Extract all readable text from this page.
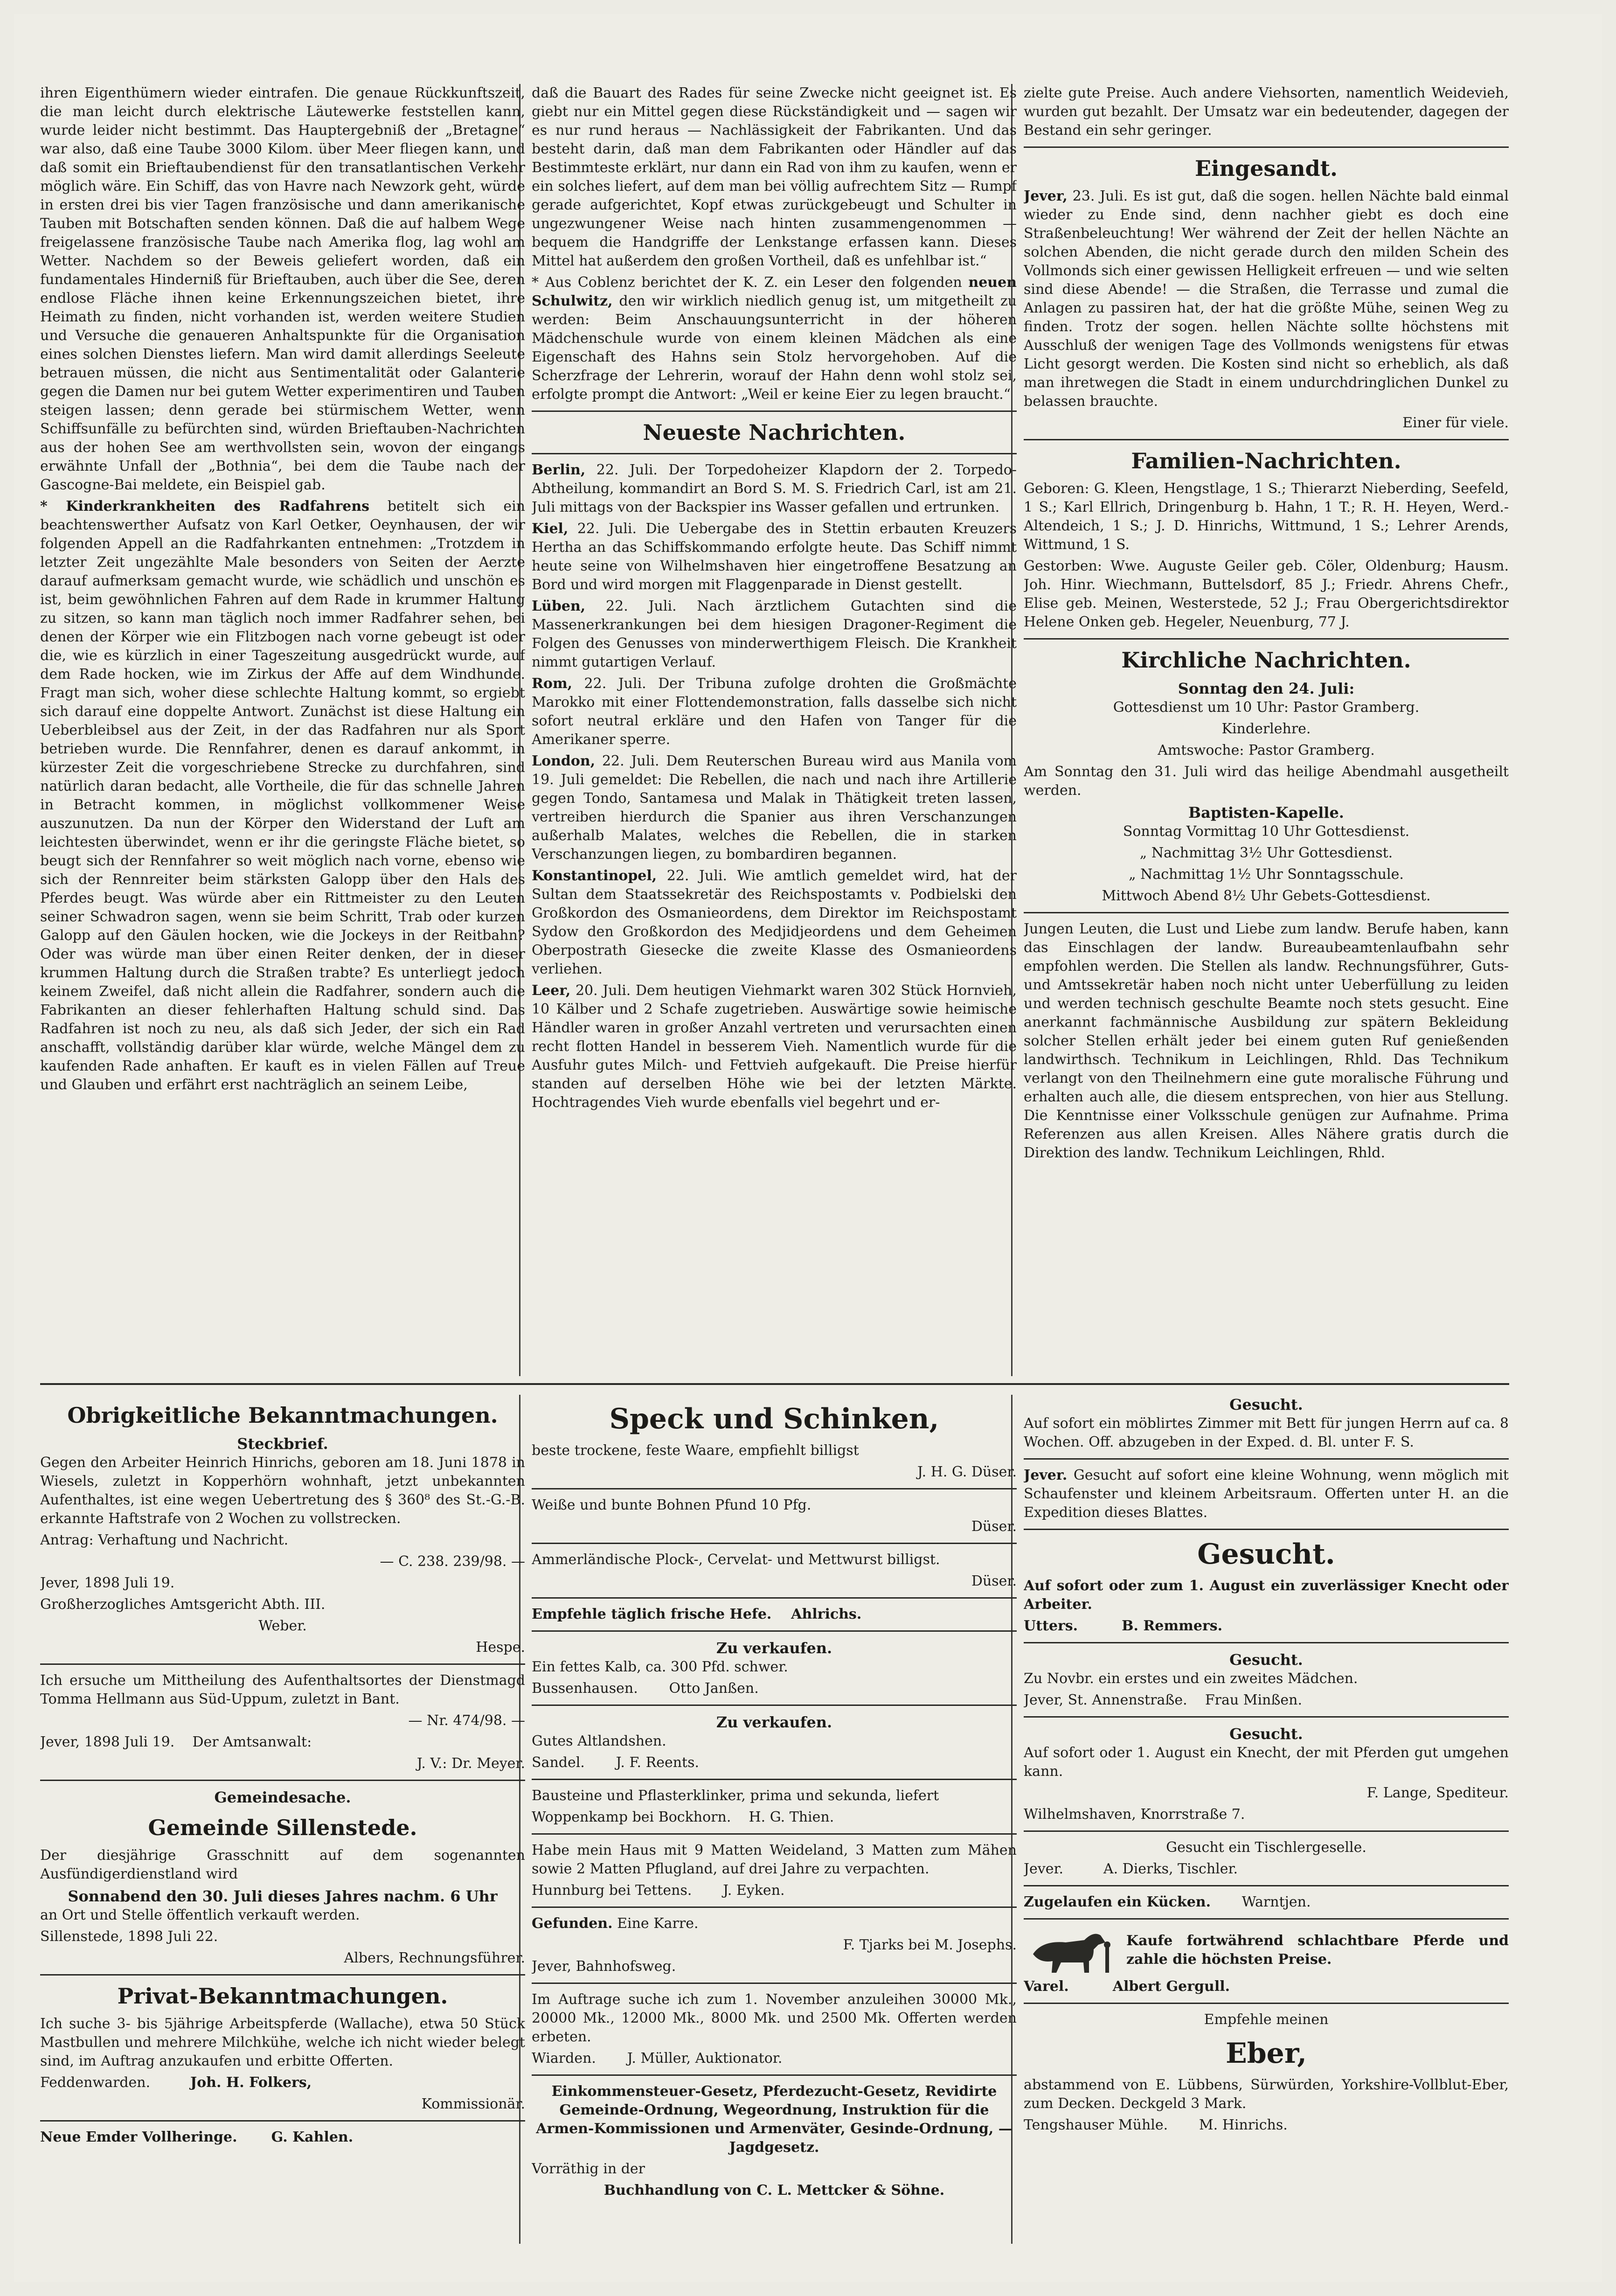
ihren Eigenthümern wieder eintrafen. Die genaue Rückkunftszeit, die man leicht durch elektrische Läutewerke feststellen kann, wurde leider nicht bestimmt. Das Hauptergebniß der „Bretagne“ war also, daß eine Taube 3000 Kilom. über Meer fliegen kann, und daß somit ein Brieftaubendienst für den transatlantischen Verkehr möglich wäre. Ein Schiff, das von Havre nach Newzork geht, würde in ersten drei bis vier Tagen französische und dann amerikanische Tauben mit Botschaften senden können. Daß die auf halbem Wege freigelassene französische Taube nach Amerika flog, lag wohl am Wetter. Nachdem so der Beweis geliefert worden, daß ein fundamentales Hinderniß für Brieftauben, auch über die See, deren endlose Fläche ihnen keine Erkennungszeichen bietet, ihre Heimath zu finden, nicht vorhanden ist, werden weitere Studien und Versuche die genaueren Anhaltspunkte für die Organisation eines solchen Dienstes liefern. Man wird damit allerdings Seeleute betrauen müssen, die nicht aus Sentimentalität oder Galanterie gegen die Damen nur bei gutem Wetter experimentiren und Tauben steigen lassen; denn gerade bei stürmischem Wetter, wenn Schiffsunfälle zu befürchten sind, würden Brieftauben-Nachrichten aus der hohen See am werthvollsten sein, wovon der eingangs erwähnte Unfall der „Bothnia“, bei dem die Taube nach der Gascogne-Bai meldete, ein Beispiel gab.

* Kinderkrankheiten des Radfahrens betitelt sich ein beachtenswerther Aufsatz von Karl Oetker, Oeynhausen, der wir folgenden Appell an die Radfahrkanten entnehmen: „Trotzdem in letzter Zeit ungezählte Male besonders von Seiten der Aerzte darauf aufmerksam gemacht wurde, wie schädlich und unschön es ist, beim gewöhnlichen Fahren auf dem Rade in krummer Haltung zu sitzen, so kann man täglich noch immer Radfahrer sehen, bei denen der Körper wie ein Flitzbogen nach vorne gebeugt ist oder die, wie es kürzlich in einer Tageszeitung ausgedrückt wurde, auf dem Rade hocken, wie im Zirkus der Affe auf dem Windhunde. Fragt man sich, woher diese schlechte Haltung kommt, so ergiebt sich darauf eine doppelte Antwort. Zunächst ist diese Haltung ein Ueberbleibsel aus der Zeit, in der das Radfahren nur als Sport betrieben wurde. Die Rennfahrer, denen es darauf ankommt, in kürzester Zeit die vorgeschriebene Strecke zu durchfahren, sind natürlich daran bedacht, alle Vortheile, die für das schnelle Jahren in Betracht kommen, in möglichst vollkommener Weise auszunutzen. Da nun der Körper den Widerstand der Luft am leichtesten überwindet, wenn er ihr die geringste Fläche bietet, so beugt sich der Rennfahrer so weit möglich nach vorne, ebenso wie sich der Rennreiter beim stärksten Galopp über den Hals des Pferdes beugt. Was würde aber ein Rittmeister zu den Leuten seiner Schwadron sagen, wenn sie beim Schritt, Trab oder kurzen Galopp auf den Gäulen hocken, wie die Jockeys in der Reitbahn? Oder was würde man über einen Reiter denken, der in dieser krummen Haltung durch die Straßen trabte? Es unterliegt jedoch keinem Zweifel, daß nicht allein die Radfahrer, sondern auch die Fabrikanten an dieser fehlerhaften Haltung schuld sind. Das Radfahren ist noch zu neu, als daß sich Jeder, der sich ein Rad anschafft, vollständig darüber klar würde, welche Mängel dem zu kaufenden Rade anhaften. Er kauft es in vielen Fällen auf Treue und Glauben und erfährt erst nachträglich an seinem Leibe,

daß die Bauart des Rades für seine Zwecke nicht geeignet ist. Es giebt nur ein Mittel gegen diese Rückständigkeit und — sagen wir es nur rund heraus — Nachlässigkeit der Fabrikanten. Und das besteht darin, daß man dem Fabrikanten oder Händler auf das Bestimmteste erklärt, nur dann ein Rad von ihm zu kaufen, wenn er ein solches liefert, auf dem man bei völlig aufrechtem Sitz — Rumpf gerade aufgerichtet, Kopf etwas zurückgebeugt und Schulter in ungezwungener Weise nach hinten zusammengenommen — bequem die Handgriffe der Lenkstange erfassen kann. Dieses Mittel hat außerdem den großen Vortheil, daß es unfehlbar ist.“

* Aus Coblenz berichtet der K. Z. ein Leser den folgenden neuen Schulwitz, den wir wirklich niedlich genug ist, um mitgetheilt zu werden: Beim Anschauungsunterricht in der höheren Mädchenschule wurde von einem kleinen Mädchen als eine Eigenschaft des Hahns sein Stolz hervorgehoben. Auf die Scherzfrage der Lehrerin, worauf der Hahn denn wohl stolz sei, erfolgte prompt die Antwort: „Weil er keine Eier zu legen braucht.“

Neueste Nachrichten.

Berlin, 22. Juli. Der Torpedoheizer Klapdorn der 2. Torpedo-Abtheilung, kommandirt an Bord S. M. S. Friedrich Carl, ist am 21. Juli mittags von der Backspier ins Wasser gefallen und ertrunken.

Kiel, 22. Juli. Die Uebergabe des in Stettin erbauten Kreuzers Hertha an das Schiffskommando erfolgte heute. Das Schiff nimmt heute seine von Wilhelmshaven hier eingetroffene Besatzung an Bord und wird morgen mit Flaggenparade in Dienst gestellt.

Lüben, 22. Juli. Nach ärztlichem Gutachten sind die Massenerkrankungen bei dem hiesigen Dragoner-Regiment die Folgen des Genusses von minderwerthigem Fleisch. Die Krankheit nimmt gutartigen Verlauf.

Rom, 22. Juli. Der Tribuna zufolge drohten die Großmächte Marokko mit einer Flottendemonstration, falls dasselbe sich nicht sofort neutral erkläre und den Hafen von Tanger für die Amerikaner sperre.

London, 22. Juli. Dem Reuterschen Bureau wird aus Manila vom 19. Juli gemeldet: Die Rebellen, die nach und nach ihre Artillerie gegen Tondo, Santamesa und Malak in Thätigkeit treten lassen, vertreiben hierdurch die Spanier aus ihren Verschanzungen außerhalb Malates, welches die Rebellen, die in starken Verschanzungen liegen, zu bombardiren begannen.

Konstantinopel, 22. Juli. Wie amtlich gemeldet wird, hat der Sultan dem Staatssekretär des Reichspostamts v. Podbielski den Großkordon des Osmanieordens, dem Direktor im Reichspostamt Sydow den Großkordon des Medjidjeordens und dem Geheimen Oberpostrath Giesecke die zweite Klasse des Osmanieordens verliehen.

Leer, 20. Juli. Dem heutigen Viehmarkt waren 302 Stück Hornvieh, 10 Kälber und 2 Schafe zugetrieben. Auswärtige sowie heimische Händler waren in großer Anzahl vertreten und verursachten einen recht flotten Handel in besserem Vieh. Namentlich wurde für die Ausfuhr gutes Milch- und Fettvieh aufgekauft. Die Preise hierfür standen auf derselben Höhe wie bei der letzten Märkte. Hochtragendes Vieh wurde ebenfalls viel begehrt und er-

zielte gute Preise. Auch andere Viehsorten, namentlich Weidevieh, wurden gut bezahlt. Der Umsatz war ein bedeutender, dagegen der Bestand ein sehr geringer.

Eingesandt.

Jever, 23. Juli. Es ist gut, daß die sogen. hellen Nächte bald einmal wieder zu Ende sind, denn nachher giebt es doch eine Straßenbeleuchtung! Wer während der Zeit der hellen Nächte an solchen Abenden, die nicht gerade durch den milden Schein des Vollmonds sich einer gewissen Helligkeit erfreuen — und wie selten sind diese Abende! — die Straßen, die Terrasse und zumal die Anlagen zu passiren hat, der hat die größte Mühe, seinen Weg zu finden. Trotz der sogen. hellen Nächte sollte höchstens mit Ausschluß der wenigen Tage des Vollmonds wenigstens für etwas Licht gesorgt werden. Die Kosten sind nicht so erheblich, als daß man ihretwegen die Stadt in einem undurchdringlichen Dunkel zu belassen brauchte.

Einer für viele.

Familien-Nachrichten.

Geboren: G. Kleen, Hengstlage, 1 S.; Thierarzt Nieberding, Seefeld, 1 S.; Karl Ellrich, Dringenburg b. Hahn, 1 T.; R. H. Heyen, Werd.-Altendeich, 1 S.; J. D. Hinrichs, Wittmund, 1 S.; Lehrer Arends, Wittmund, 1 S.

Gestorben: Wwe. Auguste Geiler geb. Cöler, Oldenburg; Hausm. Joh. Hinr. Wiechmann, Buttelsdorf, 85 J.; Friedr. Ahrens Chefr., Elise geb. Meinen, Westerstede, 52 J.; Frau Obergerichtsdirektor Helene Onken geb. Hegeler, Neuenburg, 77 J.

Kirchliche Nachrichten.
Sonntag den 24. Juli:

Gottesdienst um 10 Uhr: Pastor Gramberg.

Kinderlehre.

Amtswoche: Pastor Gramberg.

Am Sonntag den 31. Juli wird das heilige Abendmahl ausgetheilt werden.

Baptisten-Kapelle.

Sonntag Vormittag 10 Uhr Gottesdienst.

„ Nachmittag 3½ Uhr Gottesdienst.

„ Nachmittag 1½ Uhr Sonntagsschule.

Mittwoch Abend 8½ Uhr Gebets-Gottesdienst.

Jungen Leuten, die Lust und Liebe zum landw. Berufe haben, kann das Einschlagen der landw. Bureaubeamtenlaufbahn sehr empfohlen werden. Die Stellen als landw. Rechnungsführer, Guts- und Amtssekretär haben noch nicht unter Ueberfüllung zu leiden und werden technisch geschulte Beamte noch stets gesucht. Eine anerkannt fachmännische Ausbildung zur spätern Bekleidung solcher Stellen erhält jeder bei einem guten Ruf genießenden landwirthsch. Technikum in Leichlingen, Rhld. Das Technikum verlangt von den Theilnehmern eine gute moralische Führung und erhalten auch alle, die diesem entsprechen, von hier aus Stellung. Die Kenntnisse einer Volksschule genügen zur Aufnahme. Prima Referenzen aus allen Kreisen. Alles Nähere gratis durch die Direktion des landw. Technikum Leichlingen, Rhld.

Obrigkeitliche Bekanntmachungen.
Steckbrief.

Gegen den Arbeiter Heinrich Hinrichs, geboren am 18. Juni 1878 in Wiesels, zuletzt in Kopperhörn wohnhaft, jetzt unbekannten Aufenthaltes, ist eine wegen Uebertretung des § 360⁸ des St.-G.-B. erkannte Haftstrafe von 2 Wochen zu vollstrecken.

Antrag: Verhaftung und Nachricht.

— C. 238. 239/98. —

Jever, 1898 Juli 19.

Großherzogliches Amtsgericht Abth. III.

Weber.

Hespe.

Ich ersuche um Mittheilung des Aufenthaltsortes der Dienstmagd Tomma Hellmann aus Süd-Uppum, zuletzt in Bant.

— Nr. 474/98. —

Jever, 1898 Juli 19. Der Amtsanwalt:

J. V.: Dr. Meyer.

Gemeindesache.
Gemeinde Sillenstede.

Der diesjährige Grasschnitt auf dem sogenannten Ausfündigerdienstland wird

Sonnabend den 30. Juli dieses Jahres nachm. 6 Uhr

an Ort und Stelle öffentlich verkauft werden.

Sillenstede, 1898 Juli 22.

Albers, Rechnungsführer.

Privat-Bekanntmachungen.

Ich suche 3- bis 5jährige Arbeitspferde (Wallache), etwa 50 Stück Mastbullen und mehrere Milchkühe, welche ich nicht wieder belegt sind, im Auftrag anzukaufen und erbitte Offerten.

Feddenwarden.	Joh. H. Folkers,

Kommissionär.

Neue Emder Vollheringe. G. Kahlen.

Speck und Schinken,

beste trockene, feste Waare, empfiehlt billigst

J. H. G. Düser.

Weiße und bunte Bohnen Pfund 10 Pfg.

Düser.

Ammerländische Plock-, Cervelat- und Mettwurst billigst.

Düser.

Empfehle täglich frische Hefe. Ahlrichs.

Zu verkaufen.

Ein fettes Kalb, ca. 300 Pfd. schwer.

Bussenhausen. Otto Janßen.

Zu verkaufen.

Gutes Altlandshen.

Sandel. J. F. Reents.

Bausteine und Pflasterklinker, prima und sekunda, liefert

Woppenkamp bei Bockhorn. H. G. Thien.

Habe mein Haus mit 9 Matten Weideland, 3 Matten zum Mähen sowie 2 Matten Pflugland, auf drei Jahre zu verpachten.

Hunnburg bei Tettens. J. Eyken.

Gefunden. Eine Karre.

F. Tjarks bei M. Josephs.

Jever, Bahnhofsweg.

Im Auftrage suche ich zum 1. November anzuleihen 30000 Mk., 20000 Mk., 12000 Mk., 8000 Mk. und 2500 Mk. Offerten werden erbeten.

Wiarden. J. Müller, Auktionator.

Einkommensteuer-Gesetz, Pferdezucht-Gesetz, Revidirte Gemeinde-Ordnung, Wegeordnung, Instruktion für die Armen-Kommissionen und Armenväter, Gesinde-Ordnung, — Jagdgesetz.

Vorräthig in der

Buchhandlung von C. L. Mettcker & Söhne.

Gesucht.

Auf sofort ein möblirtes Zimmer mit Bett für jungen Herrn auf ca. 8 Wochen. Off. abzugeben in der Exped. d. Bl. unter F. S.

Jever. Gesucht auf sofort eine kleine Wohnung, wenn möglich mit Schaufenster und kleinem Arbeitsraum. Offerten unter H. an die Expedition dieses Blattes.

Gesucht.

Auf sofort oder zum 1. August ein zuverlässiger Knecht oder Arbeiter.

Utters.	B. Remmers.

Gesucht.

Zu Novbr. ein erstes und ein zweites Mädchen.

Jever, St. Annenstraße. Frau Minßen.

Gesucht.

Auf sofort oder 1. August ein Knecht, der mit Pferden gut umgehen kann.

F. Lange, Spediteur.

Wilhelmshaven, Knorrstraße 7.

Gesucht ein Tischlergeselle.

Jever.	A. Dierks, Tischler.

Zugelaufen ein Kücken. Warntjen.

Kaufe fortwährend schlachtbare Pferde und zahle die höchsten Preise.

Varel.	Albert Gergull.

Empfehle meinen

Eber,

abstammend von E. Lübbens, Sürwürden, Yorkshire-Vollblut-Eber, zum Decken. Deckgeld 3 Mark.

Tengshauser Mühle. M. Hinrichs.
